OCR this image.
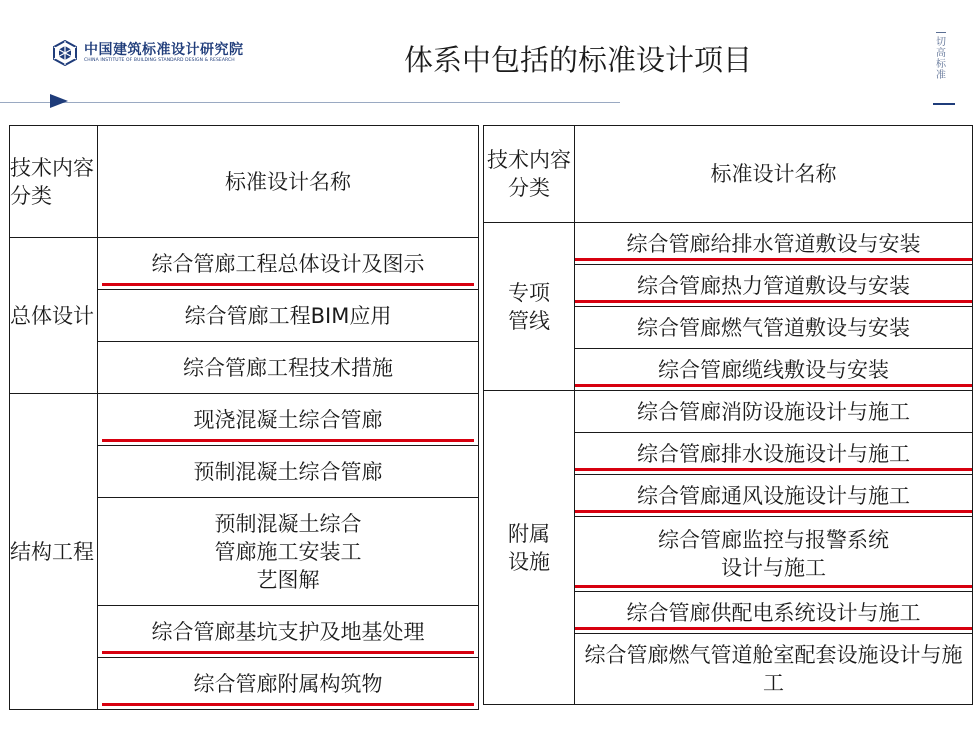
中国建筑标准设计研究院
CHINA INSTITUTE OF BUILDING STANDARD DESIGN & RESEARCH	体系中包括的标准设计项目
切高标准
技术内容分类	标准设计名称
总体设计	综合管廊工程总体设计及图示

	综合管廊工程BIM应用
	综合管廊工程技术措施
结构工程	现浇混凝土综合管廊

	预制混凝土综合管廊
	预制混凝土综合管廊施工安装工艺图解
	综合管廊基坑支护及地基处理

	综合管廊附属构筑物
技术内容分类	标准设计名称
专项管线	综合管廊给排水管道敷设与安装

	综合管廊热力管道敷设与安装

	综合管廊燃气管道敷设与安装
	综合管廊缆线敷设与安装

附属设施	综合管廊消防设施设计与施工
	综合管廊排水设施设计与施工

	综合管廊通风设施设计与施工

	综合管廊监控与报警系统设计与施工

	综合管廊供配电系统设计与施工

	综合管廊燃气管道舱室配套设施设计与施工
